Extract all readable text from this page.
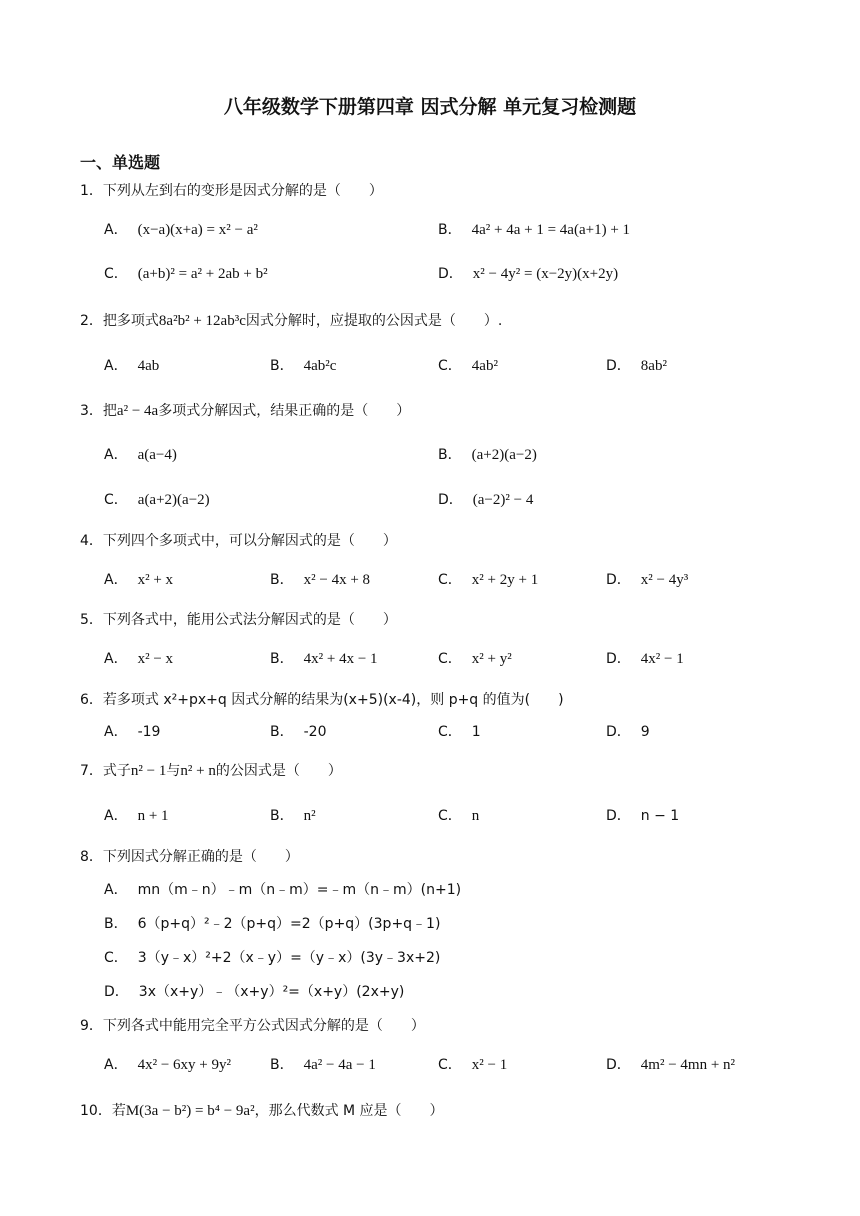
八年级数学下册第四章 因式分解 单元复习检测题
一、单选题
1．下列从左到右的变形是因式分解的是（　　）
A． (x−a)(x+a) = x² − a²	B． 4a² + 4a + 1 = 4a(a+1) + 1
C． (a+b)² = a² + 2ab + b²	D． x² − 4y² = (x−2y)(x+2y)
2．把多项式8a²b² + 12ab³c因式分解时，应提取的公因式是（　　）.
A． 4ab	B． 4ab²c	C． 4ab²	D． 8ab²
3．把a² − 4a多项式分解因式，结果正确的是（　　）
A． a(a−4)	B． (a+2)(a−2)
C． a(a+2)(a−2)	D． (a−2)² − 4
4．下列四个多项式中，可以分解因式的是（　　）
A． x² + x	B． x² − 4x + 8	C． x² + 2y + 1	D． x² − 4y³
5．下列各式中，能用公式法分解因式的是（　　）
A． x² − x	B． 4x² + 4x − 1	C． x² + y²	D． 4x² − 1
6．若多项式 x²+px+q 因式分解的结果为(x+5)(x-4)，则 p+q 的值为(　　)
A． -19	B． -20	C． 1	D． 9
7．式子n² − 1与n² + n的公因式是（　　）
A． n + 1	B． n²	C． n	D． n − 1
8．下列因式分解正确的是（　　）
A． mn（m﹣n）﹣m（n﹣m）=﹣m（n﹣m）(n+1)
B． 6（p+q）²﹣2（p+q）=2（p+q）(3p+q﹣1)
C． 3（y﹣x）²+2（x﹣y）=（y﹣x）(3y﹣3x+2)
D． 3x（x+y）﹣（x+y）²=（x+y）(2x+y)
9．下列各式中能用完全平方公式因式分解的是（　　）
A． 4x² − 6xy + 9y²	B． 4a² − 4a − 1	C． x² − 1	D． 4m² − 4mn + n²
10．若M(3a − b²) = b⁴ − 9a²，那么代数式 M 应是（　　）
